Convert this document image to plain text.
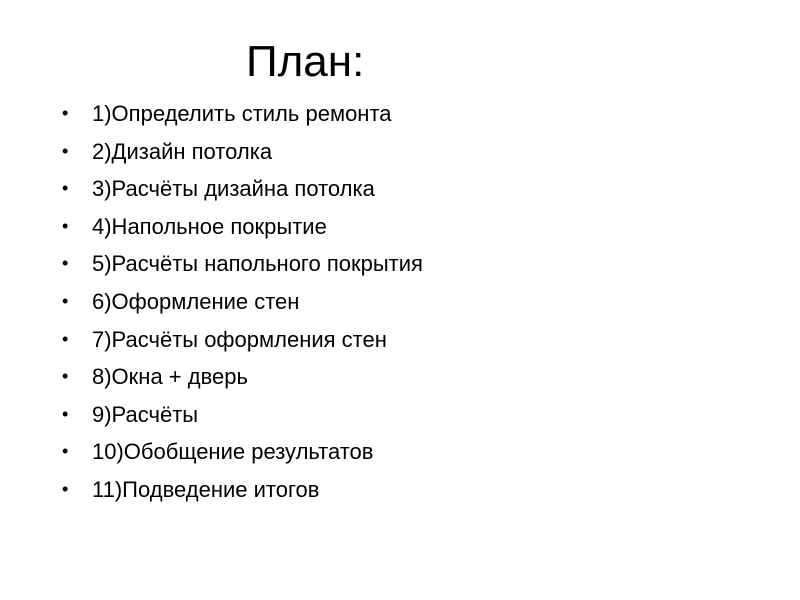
План:
• 1)Определить стиль ремонта
• 2)Дизайн потолка
• 3)Расчёты дизайна потолка
• 4)Напольное покрытие
• 5)Расчёты напольного покрытия
• 6)Оформление стен
• 7)Расчёты оформления стен
• 8)Окна + дверь
• 9)Расчёты
• 10)Обобщение результатов
• 11)Подведение итогов
